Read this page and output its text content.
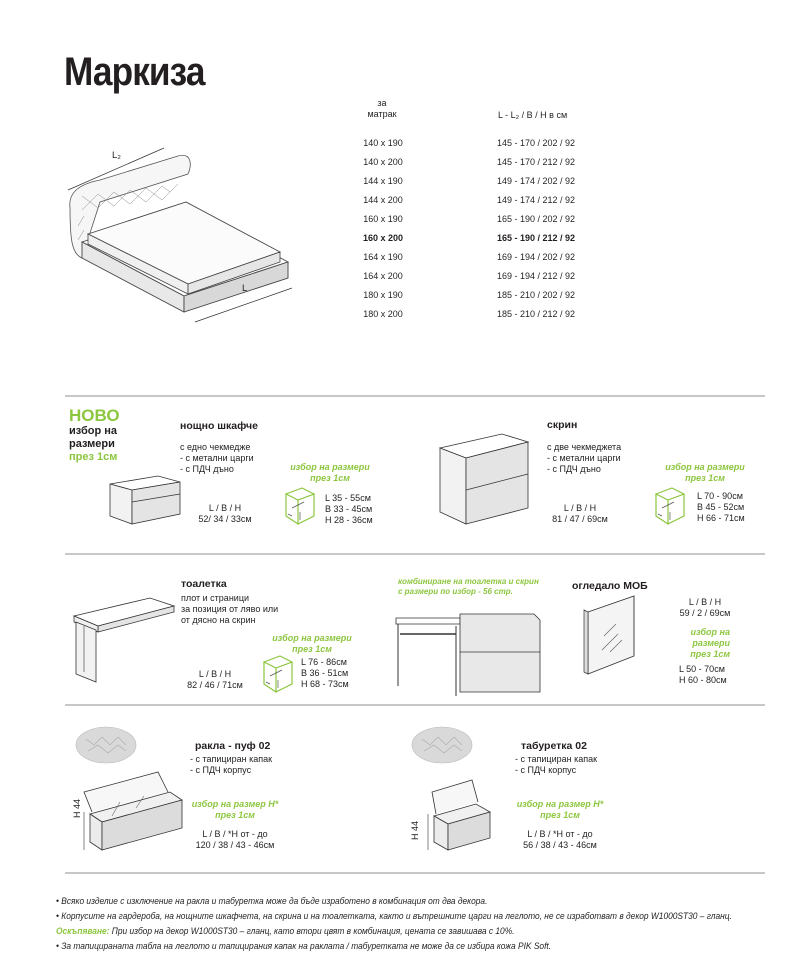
Маркиза
L₂
L
за
матрак	L - L₂ / B / H в см
140 x 190	145 - 170 / 202 / 92
140 x 200	145 - 170 / 212 / 92
144 x 190	149 - 174 / 202 / 92
144 x 200	149 - 174 / 212 / 92
160 x 190	165 - 190 / 202 / 92
160 x 200	165 - 190 / 212 / 92
164 x 190	169 - 194 / 202 / 92
164 x 200	169 - 194 / 212 / 92
180 x 190	185 - 210 / 202 / 92
180 x 200	185 - 210 / 212 / 92
НОВО
избор на
размери
през 1см
нощно шкафче
с едно чекмедже
- с метални царги
- с ПДЧ дъно	избор на размери
през 1см
L / B / H
52/ 34 / 33см
L 35 - 55см
B 33 - 45см
H 28 - 36см
скрин
с две чекмеджета
- с метални царги
- с ПДЧ дъно	избор на размери
през 1см
L / B / H
81 / 47 / 69см
L 70 - 90см
B 45 - 52см
H 66 - 71см
тоалетка
плот и страници
за позиция от ляво или
от дясно на скрин
избор на размери
през 1см
L / B / H
82 / 46 / 71см
L 76 - 86см
B 36 - 51см
H 68 - 73см
комбиниране на тоалетка и скрин
с размери по избор - 56 стр.	огледало МОБ
L / B / H
59 / 2 / 69см
избор на
размери
през 1см
L 50 - 70см
H 60 - 80см
H 44
ракла - пуф 02
- с тапициран капак
- с ПДЧ корпус
избор на размер H*
през 1см
L / B / *H от - до
120 / 38 / 43 - 46см
H 44
табуретка 02
- с тапициран капак
- с ПДЧ корпус
избор на размер H*
през 1см
L / B / *H от - до
56 / 38 / 43 - 46см
• Всяко изделие с изключение на ракла и табуретка може да бъде изработено в комбинация от два декора.
• Корпусите на гардероба, на нощните шкафчета, на скрина и на тоалетката, както и вътрешните царги на леглото, не се изработват в декор W1000ST30 – гланц.
Оскъпяване: При избор на декор W1000ST30 – гланц, като втори цвят в комбинация, цената се завишава с 10%.
• За тапицираната табла на леглото и тапицирания капак на раклата / табуретката не може да се избира кожа PIK Soft.
